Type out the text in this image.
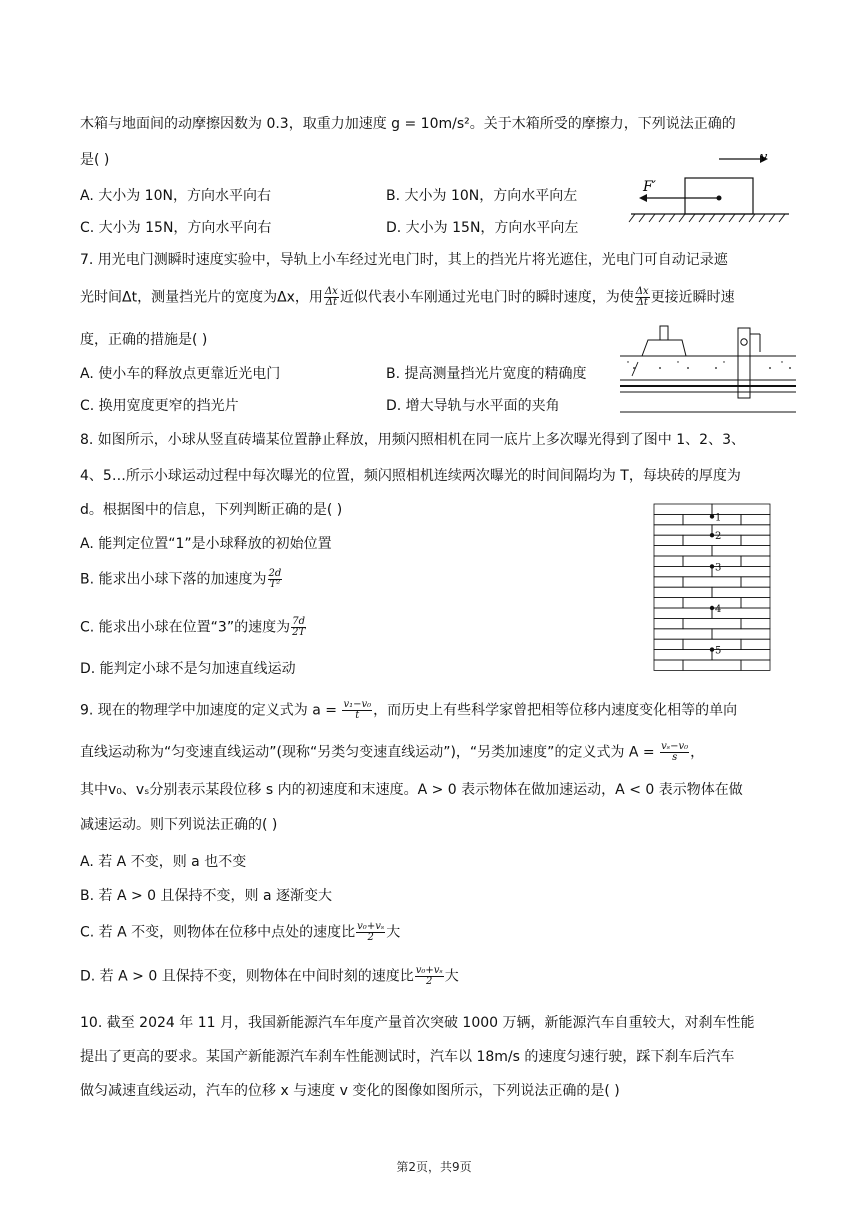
木箱与地面间的动摩擦因数为 0.3，取重力加速度 g = 10m/s²。关于木箱所受的摩擦力，下列说法正确的
是( )
A. 大小为 10N，方向水平向右	B. 大小为 10N，方向水平向左
C. 大小为 15N，方向水平向右	D. 大小为 15N，方向水平向左
v
F′
7. 用光电门测瞬时速度实验中，导轨上小车经过光电门时，其上的挡光片将光遮住，光电门可自动记录遮
光时间Δt，测量挡光片的宽度为Δx，用 $\frac{\Delta x}{\Delta t}$ 近似代表小车刚通过光电门时的瞬时速度，为使 $\frac{\Delta x}{\Delta t}$ 更接近瞬时速
度，正确的措施是( )
A. 使小车的释放点更靠近光电门	B. 提高测量挡光片宽度的精确度
C. 换用宽度更窄的挡光片	D. 增大导轨与水平面的夹角
8. 如图所示，小球从竖直砖墙某位置静止释放，用频闪照相机在同一底片上多次曝光得到了图中 1、2、3、
4、5…所示小球运动过程中每次曝光的位置，频闪照相机连续两次曝光的时间间隔均为 T，每块砖的厚度为
d。根据图中的信息，下列判断正确的是( )
A. 能判定位置“1”是小球释放的初始位置
B. 能求出小球下落的加速度为 $\frac{2d}{\text{T²}}$
C. 能求出小球在位置“3”的速度为 $\frac{7d}{2T}$
D. 能判定小球不是匀加速直线运动
1
2
3
4
5
9. 现在的物理学中加速度的定义式为 $a = \frac{\text{v₁−v₀}}{t}$ ，而历史上有些科学家曾把相等位移内速度变化相等的单向
直线运动称为“匀变速直线运动”(现称“另类匀变速直线运动”)，“另类加速度”的定义式为 $A = \frac{\text{vₛ−v₀}}{s}$ ，
其中v₀、vₛ分别表示某段位移 s 内的初速度和末速度。A > 0 表示物体在做加速运动，A < 0 表示物体在做
减速运动。则下列说法正确的( )
A. 若 A 不变，则 a 也不变
B. 若 A > 0 且保持不变，则 a 逐渐变大
C. 若 A 不变，则物体在位移中点处的速度比 $\frac{\text{v₀+vₛ}}{2}$ 大
D. 若 A > 0 且保持不变，则物体在中间时刻的速度比 $\frac{\text{v₀+vₛ}}{2}$ 大
10. 截至 2024 年 11 月，我国新能源汽车年度产量首次突破 1000 万辆，新能源汽车自重较大，对刹车性能
提出了更高的要求。某国产新能源汽车刹车性能测试时，汽车以 18m/s 的速度匀速行驶，踩下刹车后汽车
做匀减速直线运动，汽车的位移 x 与速度 v 变化的图像如图所示，下列说法正确的是( )
第2页，共9页
